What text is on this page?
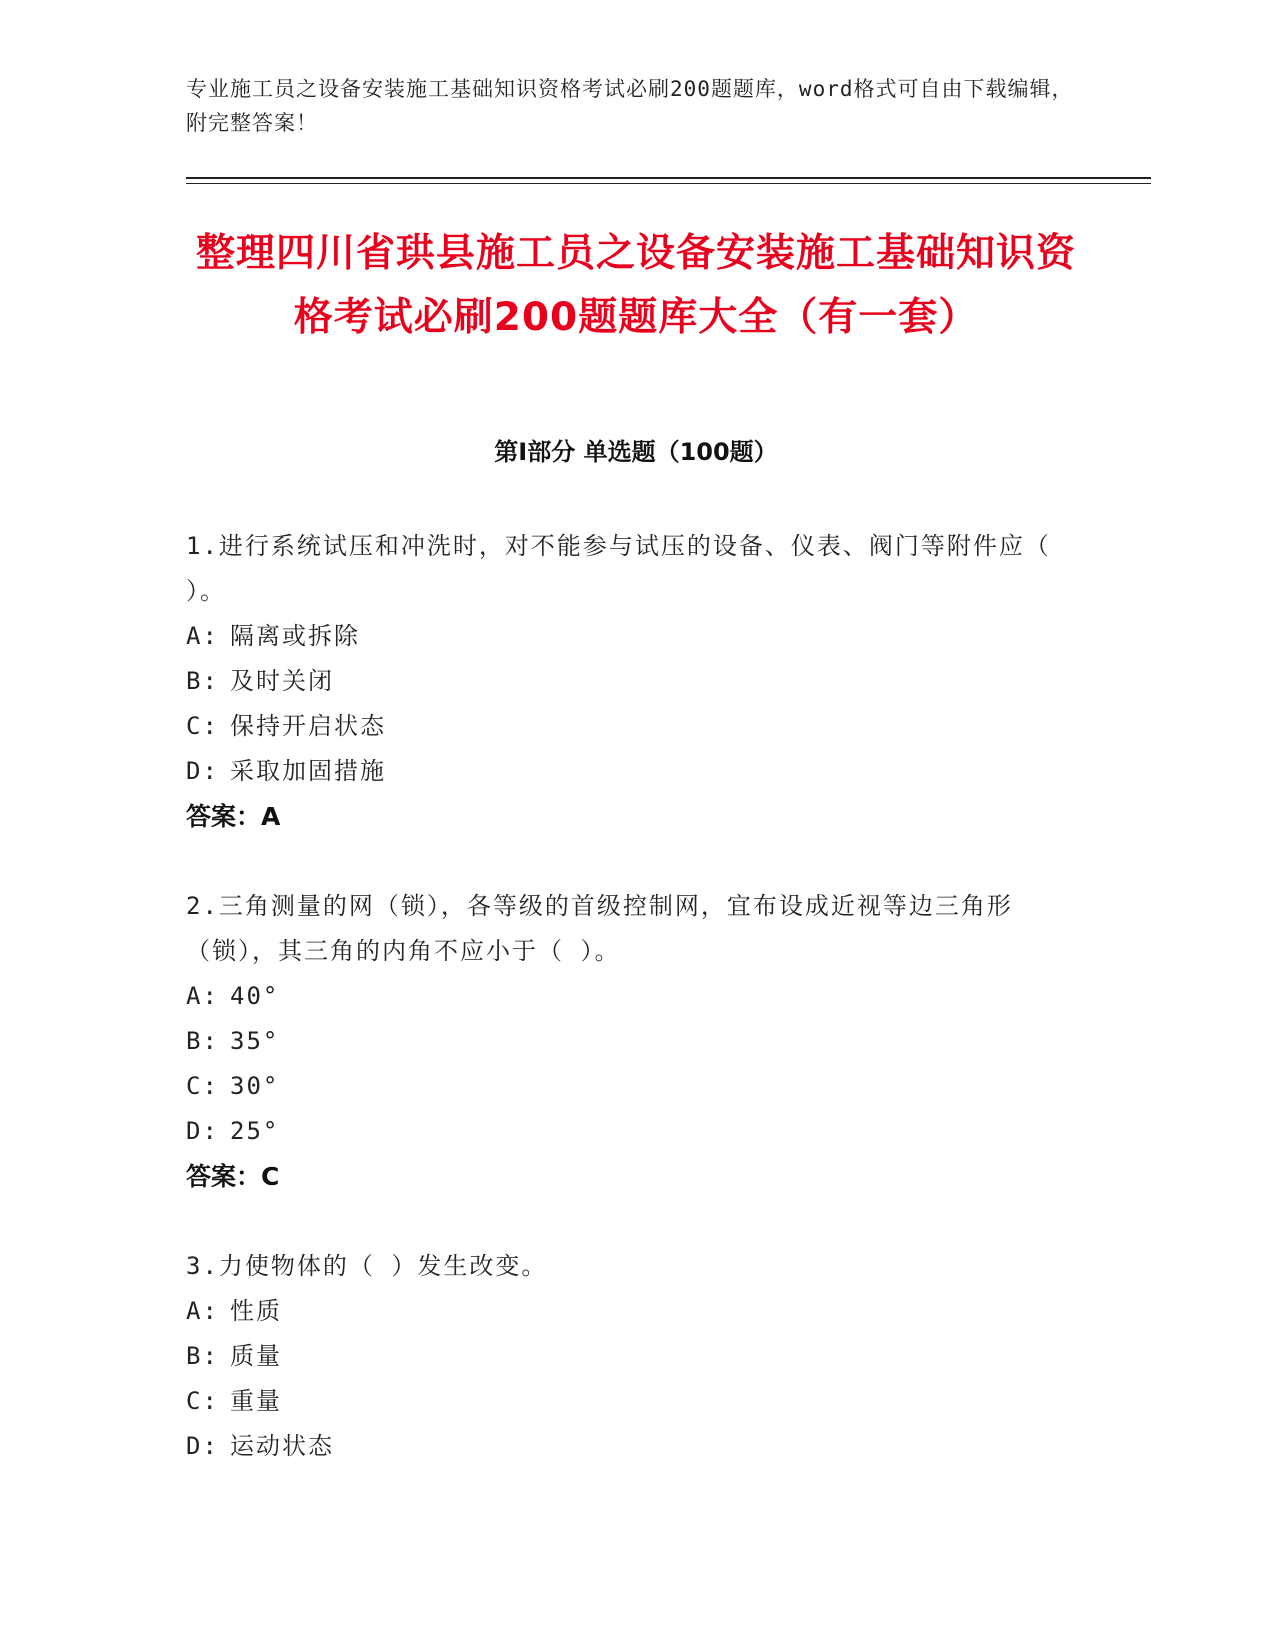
专业施工员之设备安装施工基础知识资格考试必刷200题题库，word格式可自由下载编辑，附完整答案！
整理四川省珙县施工员之设备安装施工基础知识资格考试必刷200题题库大全（有一套）
第Ⅰ部分 单选题（100题）
1.进行系统试压和冲洗时，对不能参与试压的设备、仪表、阀门等附件应（ ）。
A: 隔离或拆除
B: 及时关闭
C: 保持开启状态
D: 采取加固措施
答案：A
2.三角测量的网（锁），各等级的首级控制网，宜布设成近视等边三角形（锁），其三角的内角不应小于（ ）。
A: 40°
B: 35°
C: 30°
D: 25°
答案：C
3.力使物体的（ ）发生改变。
A: 性质
B: 质量
C: 重量
D: 运动状态
